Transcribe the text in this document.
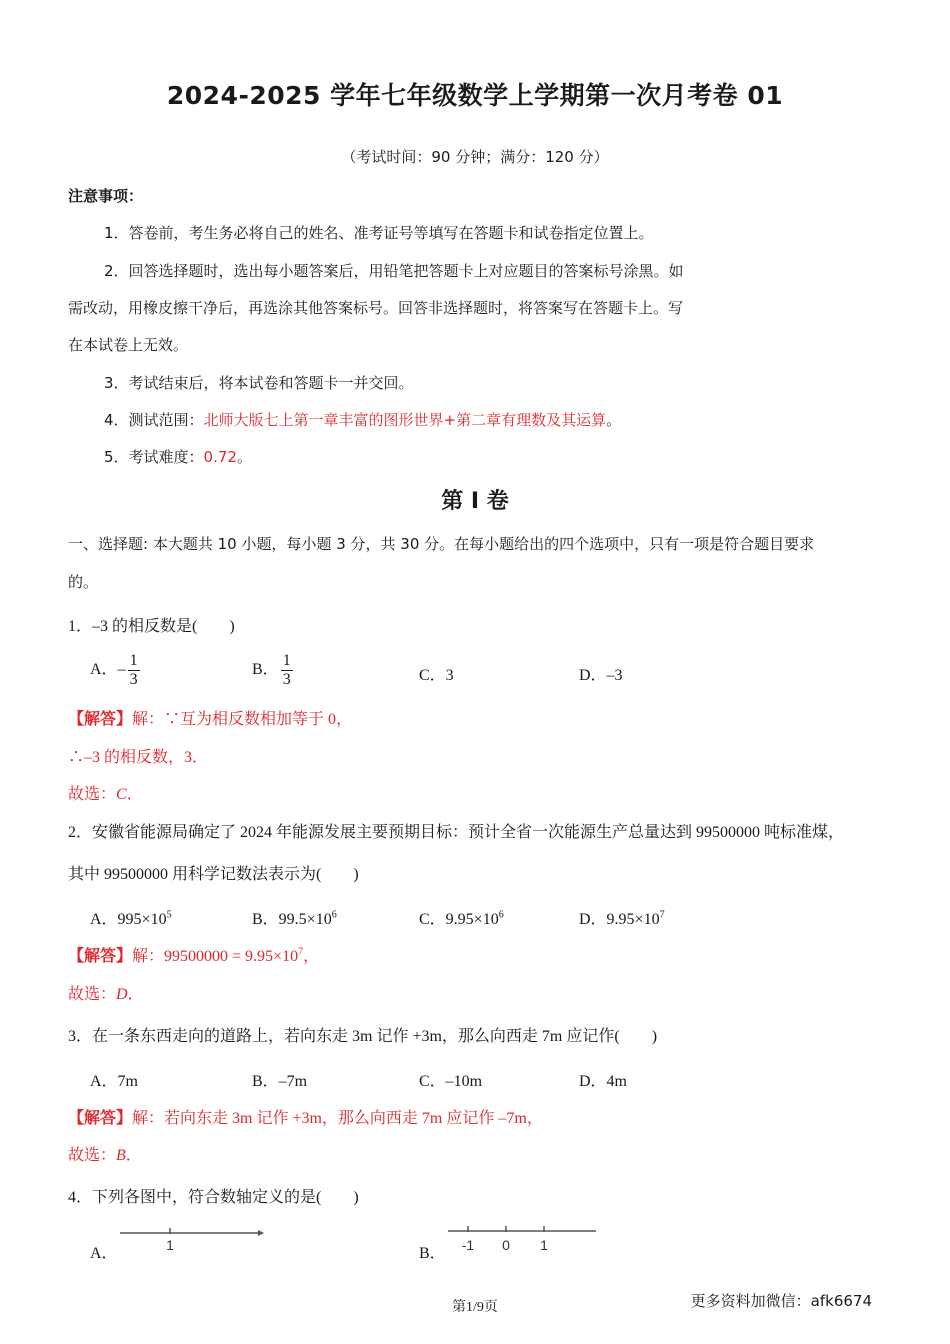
2024-2025 学年七年级数学上学期第一次月考卷 01
（考试时间：90 分钟；满分：120 分）
注意事项：
1．答卷前，考生务必将自己的姓名、准考证号等填写在答题卡和试卷指定位置上。
2．回答选择题时，选出每小题答案后，用铅笔把答题卡上对应题目的答案标号涂黑。如
需改动，用橡皮擦干净后，再选涂其他答案标号。回答非选择题时，将答案写在答题卡上。写
在本试卷上无效。
3．考试结束后，将本试卷和答题卡一并交回。
4．测试范围：北师大版七上第一章丰富的图形世界+第二章有理数及其运算。
5．考试难度：0.72。
第 Ⅰ 卷
一、选择题: 本大题共 10 小题，每小题 3 分，共 30 分。在每小题给出的四个选项中，只有一项是符合题目要求
的。
1．–3 的相反数是(　　)
A．– $\frac{1}{3}$	B． $\frac{1}{3}$	C．3	D．–3
【解答】解：∵互为相反数相加等于 0，
∴–3 的相反数，3．
故选：C．
2．安徽省能源局确定了 2024 年能源发展主要预期目标：预计全省一次能源生产总量达到 99500000 吨标准煤，
其中 99500000 用科学记数法表示为(　　)
A．$995\times 10^5$	B．$99.5\times 10^6$	C．$9.95\times 10^6$	D．$9.95\times 10^7$
【解答】解：$99500000 = 9.95\times 10^7$，
故选：D．
3．在一条东西走向的道路上，若向东走 3m 记作 +3m，那么向西走 7m 应记作(　　)
A．7m	B．–7m	C．–10m	D．4m
【解答】解：若向东走 3m 记作 +3m，那么向西走 7m 应记作 –7m，
故选：B．
4．下列各图中，符合数轴定义的是(　　)
A．	1	B． -1 0 1
第1/9页	更多资料加微信：afk6674
